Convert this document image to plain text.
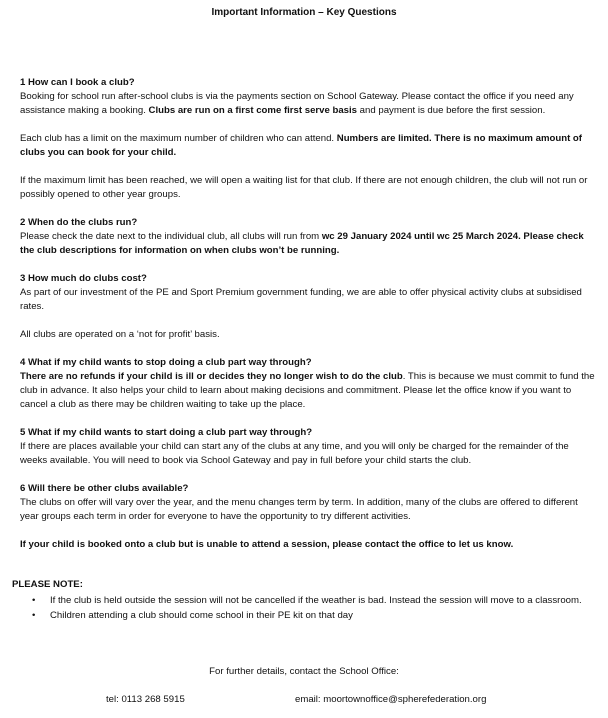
Important Information – Key Questions

1 How can I book a club?

Booking for school run after-school clubs is via the payments section on School Gateway. Please contact the office if you need any assistance making a booking. Clubs are run on a first come first serve basis and payment is due before the first session.

Each club has a limit on the maximum number of children who can attend. Numbers are limited. There is no maximum amount of clubs you can book for your child.

If the maximum limit has been reached, we will open a waiting list for that club. If there are not enough children, the club will not run or possibly opened to other year groups.

2 When do the clubs run?

Please check the date next to the individual club, all clubs will run from wc 29 January 2024 until wc 25 March 2024. Please check the club descriptions for information on when clubs won’t be running.

3 How much do clubs cost?

As part of our investment of the PE and Sport Premium government funding, we are able to offer physical activity clubs at subsidised rates.

All clubs are operated on a ‘not for profit’ basis.

4 What if my child wants to stop doing a club part way through?

There are no refunds if your child is ill or decides they no longer wish to do the club. This is because we must commit to fund the club in advance. It also helps your child to learn about making decisions and commitment. Please let the office know if you want to cancel a club as there may be children waiting to take up the place.

5 What if my child wants to start doing a club part way through?

If there are places available your child can start any of the clubs at any time, and you will only be charged for the remainder of the weeks available. You will need to book via School Gateway and pay in full before your child starts the club.

6 Will there be other clubs available?

The clubs on offer will vary over the year, and the menu changes term by term. In addition, many of the clubs are offered to different year groups each term in order for everyone to have the opportunity to try different activities.

If your child is booked onto a club but is unable to attend a session, please contact the office to let us know.

PLEASE NOTE:
• If the club is held outside the session will not be cancelled if the weather is bad. Instead the session will move to a classroom.
• Children attending a club should come school in their PE kit on that day
For further details, contact the School Office:
tel: 0113 268 5915	email: moortownoffice@spherefederation.org
